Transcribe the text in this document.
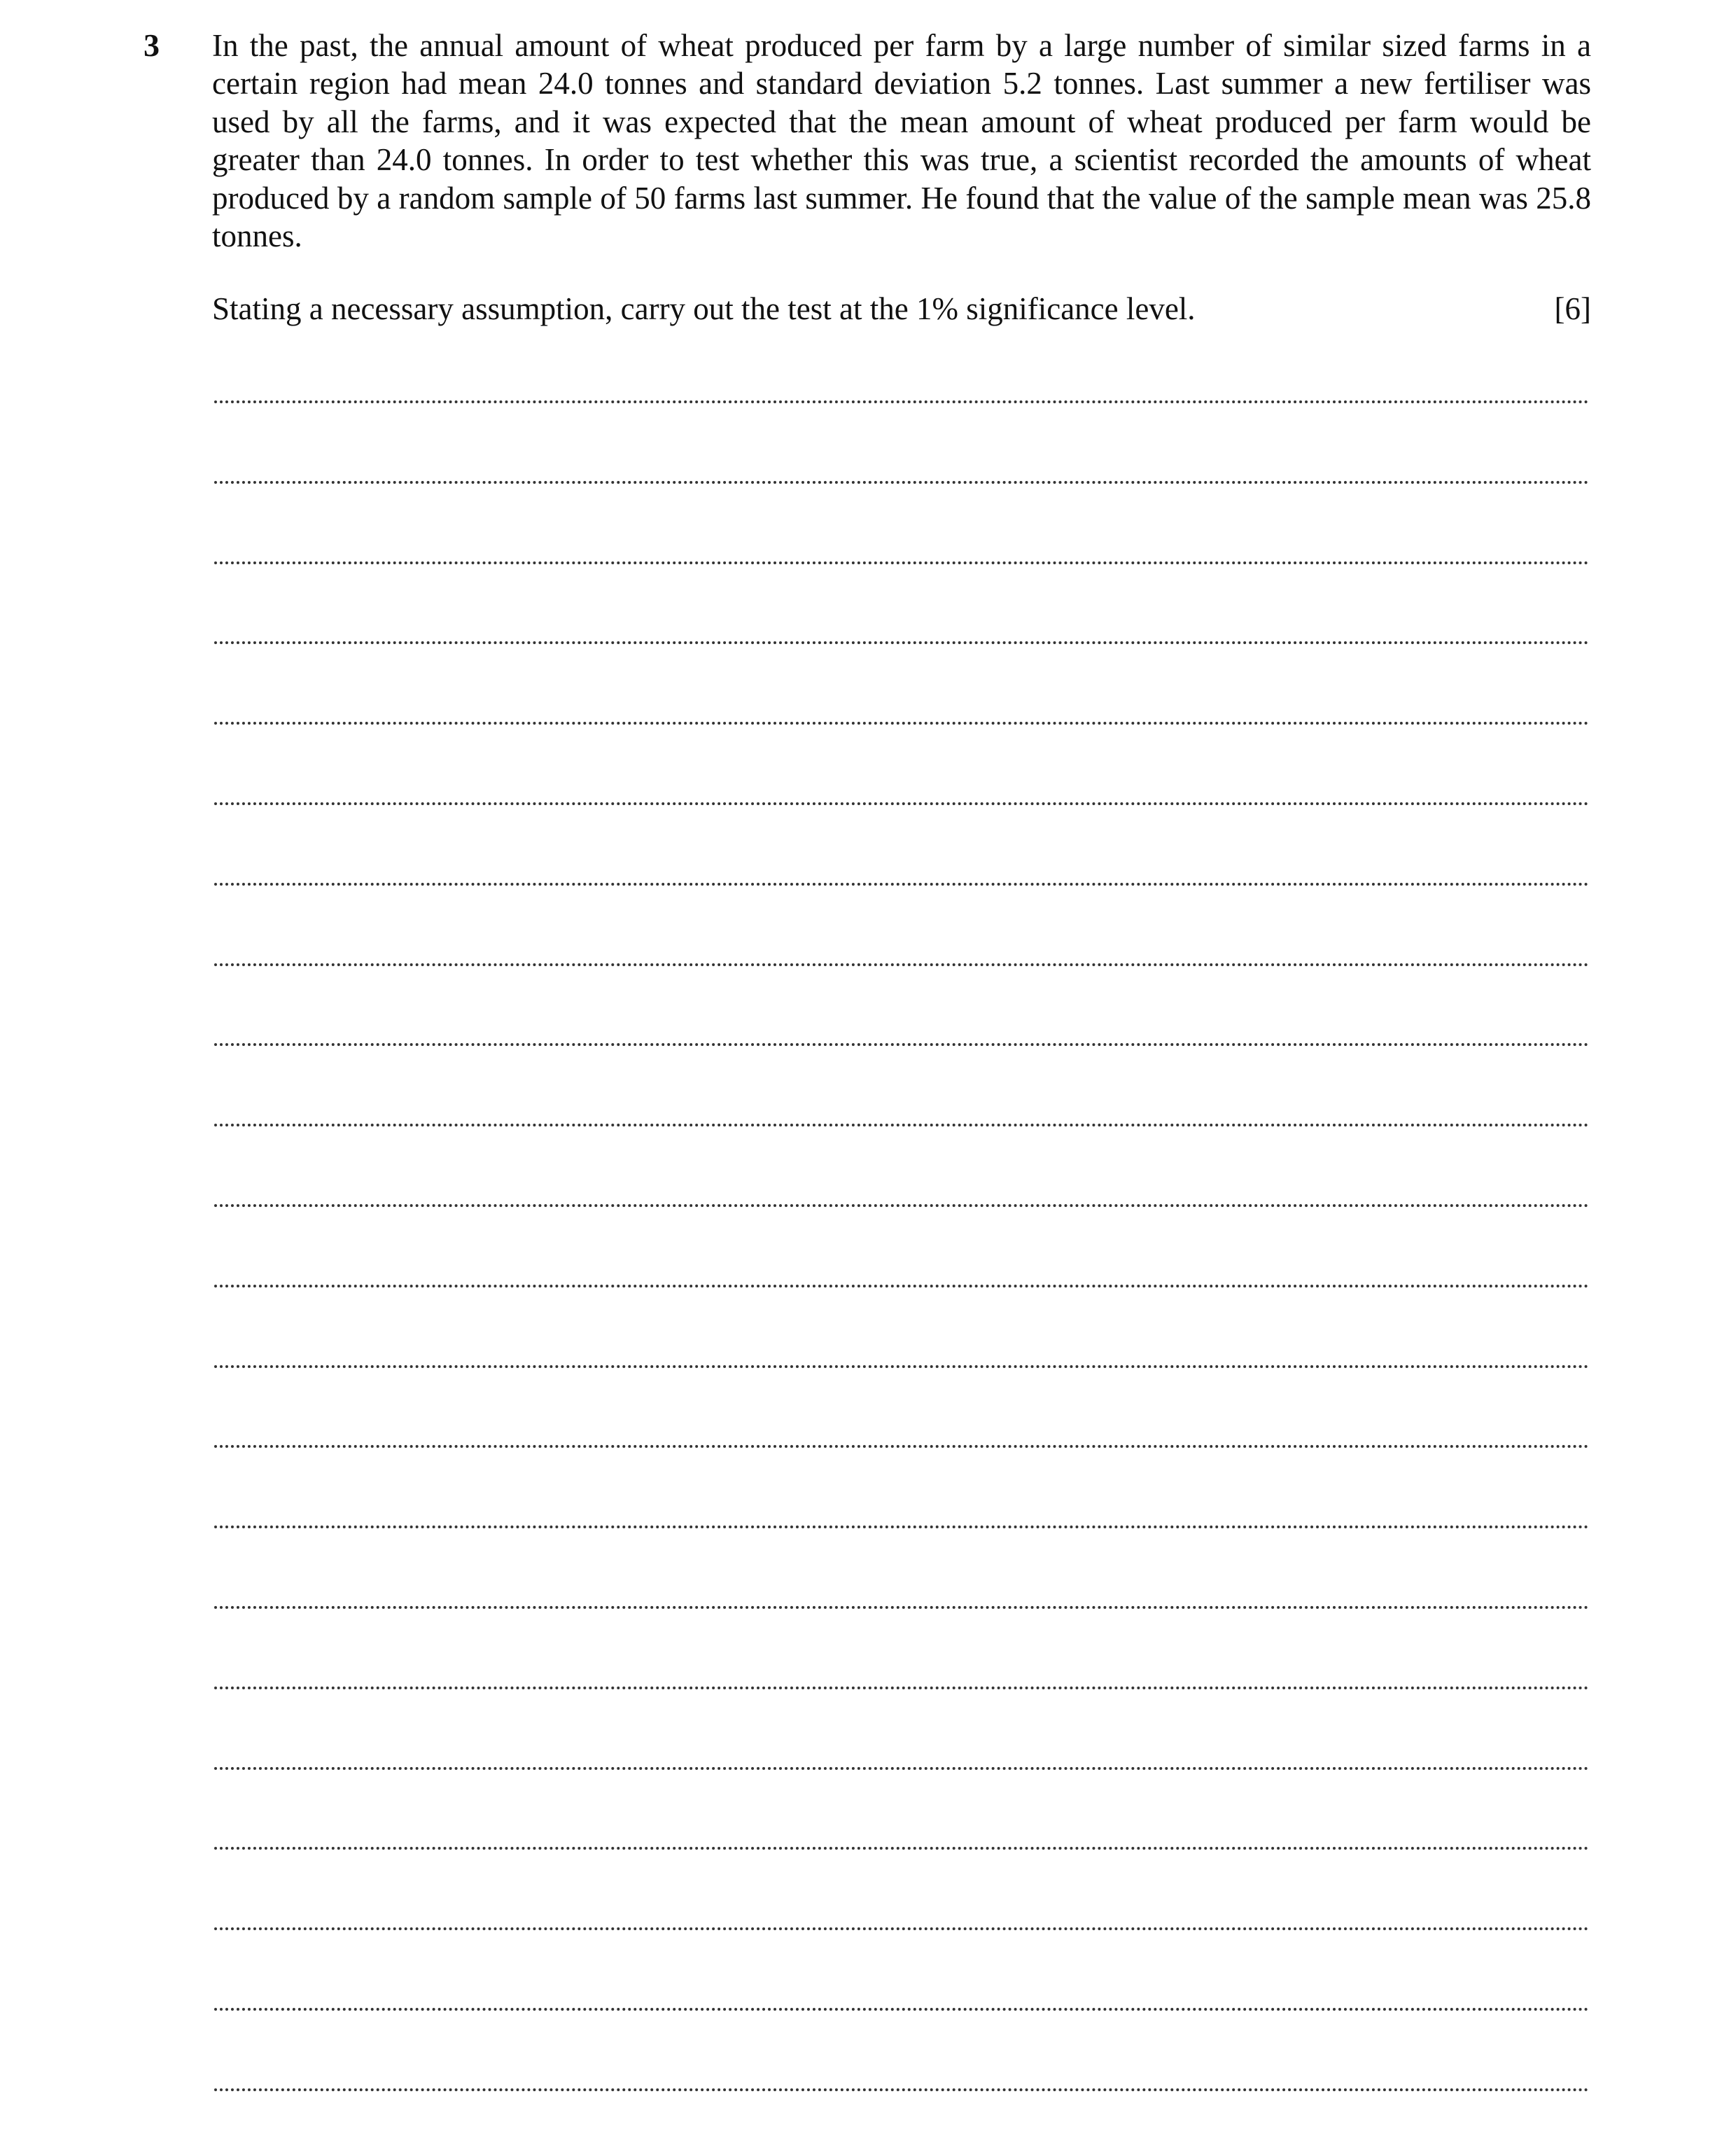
3 In the past, the annual amount of wheat produced per farm by a large number of similar sized farms in a certain region had mean 24.0 tonnes and standard deviation 5.2 tonnes. Last summer a new fertiliser was used by all the farms, and it was expected that the mean amount of wheat produced per farm would be greater than 24.0 tonnes. In order to test whether this was true, a scientist recorded the amounts of wheat produced by a random sample of 50 farms last summer. He found that the value of the sample mean was 25.8 tonnes.

Stating a necessary assumption, carry out the test at the 1% significance level.	[6]
